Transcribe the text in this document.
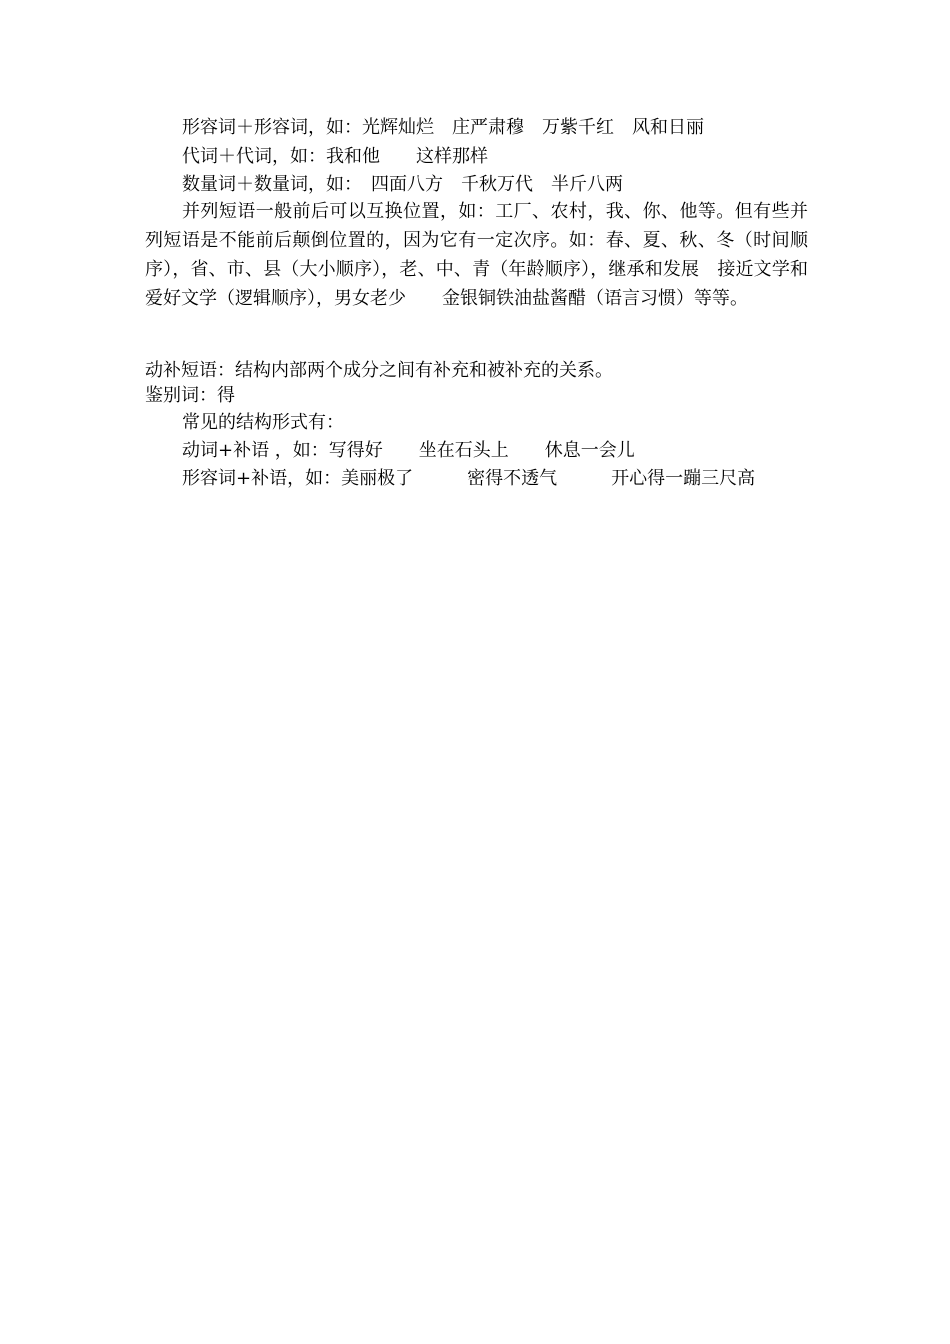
形容词＋形容词，如：光辉灿烂　庄严肃穆　万紫千红　风和日丽
代词＋代词，如：我和他　　这样那样
数量词＋数量词，如：　四面八方　千秋万代　半斤八两
并列短语一般前后可以互换位置，如：工厂、农村，我、你、他等。但有些并列短语是不能前后颠倒位置的，因为它有一定次序。如：春、夏、秋、冬（时间顺序），省、市、县（大小顺序），老、中、青（年龄顺序），继承和发展　接近文学和爱好文学（逻辑顺序），男女老少　　金银铜铁油盐酱醋（语言习惯）等等。
动补短语：结构内部两个成分之间有补充和被补充的关系。
鉴别词：得
常见的结构形式有：
动词+补语 ，如：写得好　　坐在石头上　　休息一会儿
形容词+补语，如：美丽极了　　　密得不透气　　　开心得一蹦三尺高
